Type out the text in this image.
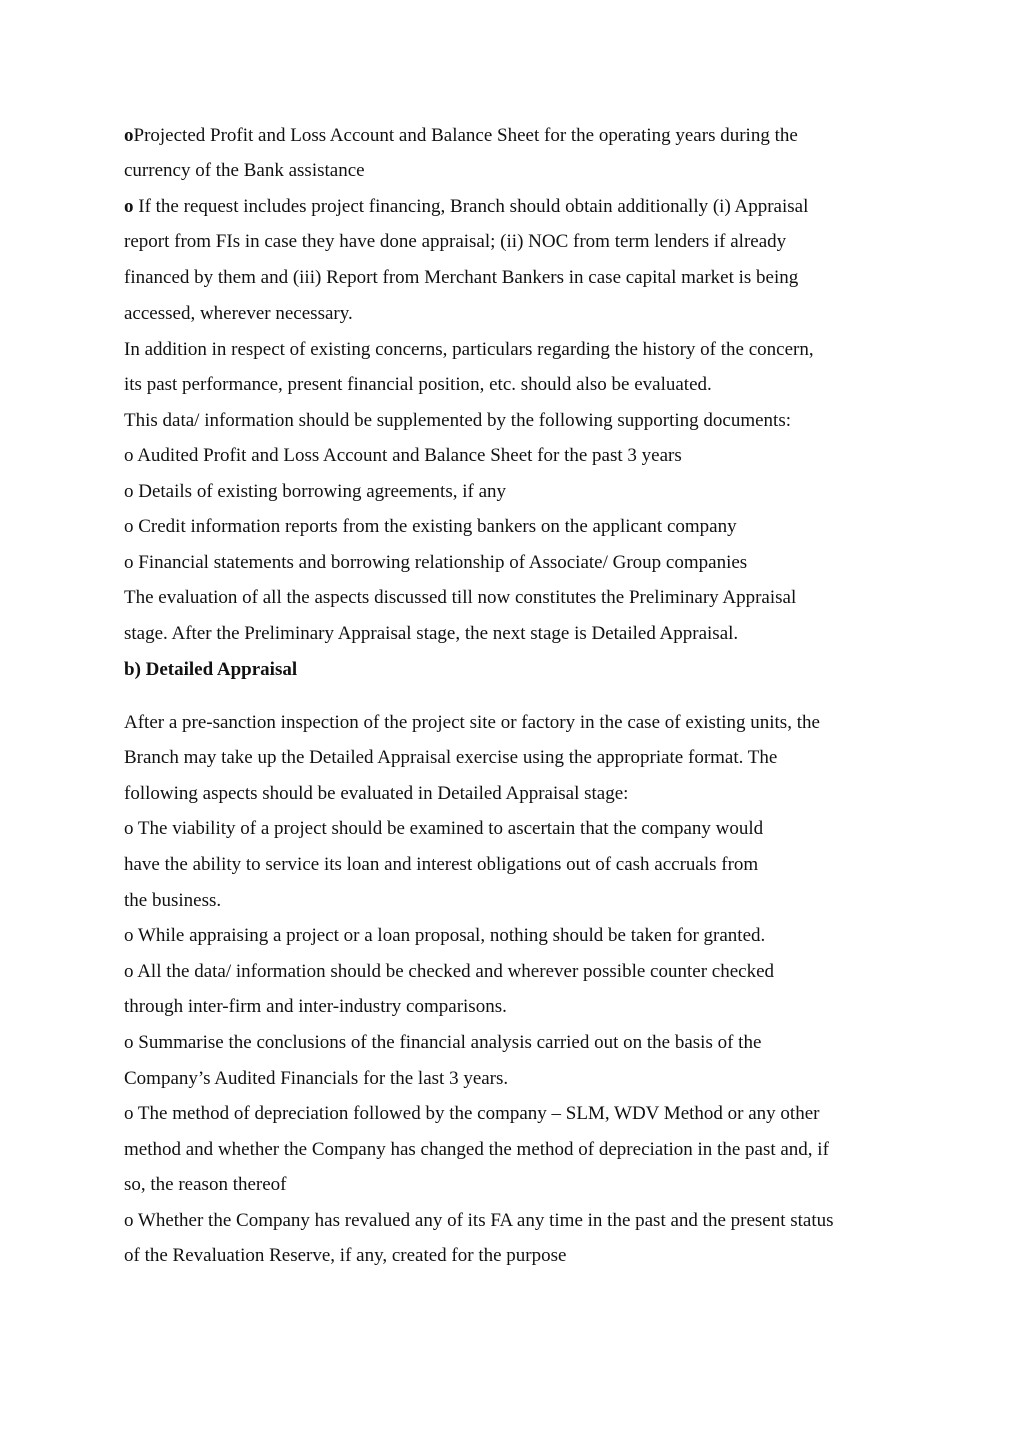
oProjected Profit and Loss Account and Balance Sheet for the operating years during the

currency of the Bank assistance

o If the request includes project financing, Branch should obtain additionally (i) Appraisal

report from FIs in case they have done appraisal; (ii) NOC from term lenders if already

financed by them and (iii) Report from Merchant Bankers in case capital market is being

accessed, wherever necessary.

In addition in respect of existing concerns, particulars regarding the history of the concern,

its past performance, present financial position, etc. should also be evaluated.

This data/ information should be supplemented by the following supporting documents:

o Audited Profit and Loss Account and Balance Sheet for the past 3 years

o Details of existing borrowing agreements, if any

o Credit information reports from the existing bankers on the applicant company

o Financial statements and borrowing relationship of Associate/ Group companies

The evaluation of all the aspects discussed till now constitutes the Preliminary Appraisal

stage. After the Preliminary Appraisal stage, the next stage is Detailed Appraisal.

b) Detailed Appraisal

After a pre-sanction inspection of the project site or factory in the case of existing units, the

Branch may take up the Detailed Appraisal exercise using the appropriate format. The

following aspects should be evaluated in Detailed Appraisal stage:

o The viability of a project should be examined to ascertain that the company would

have the ability to service its loan and interest obligations out of cash accruals from

the business.

o While appraising a project or a loan proposal, nothing should be taken for granted.

o All the data/ information should be checked and wherever possible counter checked

through inter-firm and inter-industry comparisons.

o Summarise the conclusions of the financial analysis carried out on the basis of the

Company’s Audited Financials for the last 3 years.

o The method of depreciation followed by the company – SLM, WDV Method or any other

method and whether the Company has changed the method of depreciation in the past and, if

so, the reason thereof

o Whether the Company has revalued any of its FA any time in the past and the present status

of the Revaluation Reserve, if any, created for the purpose
